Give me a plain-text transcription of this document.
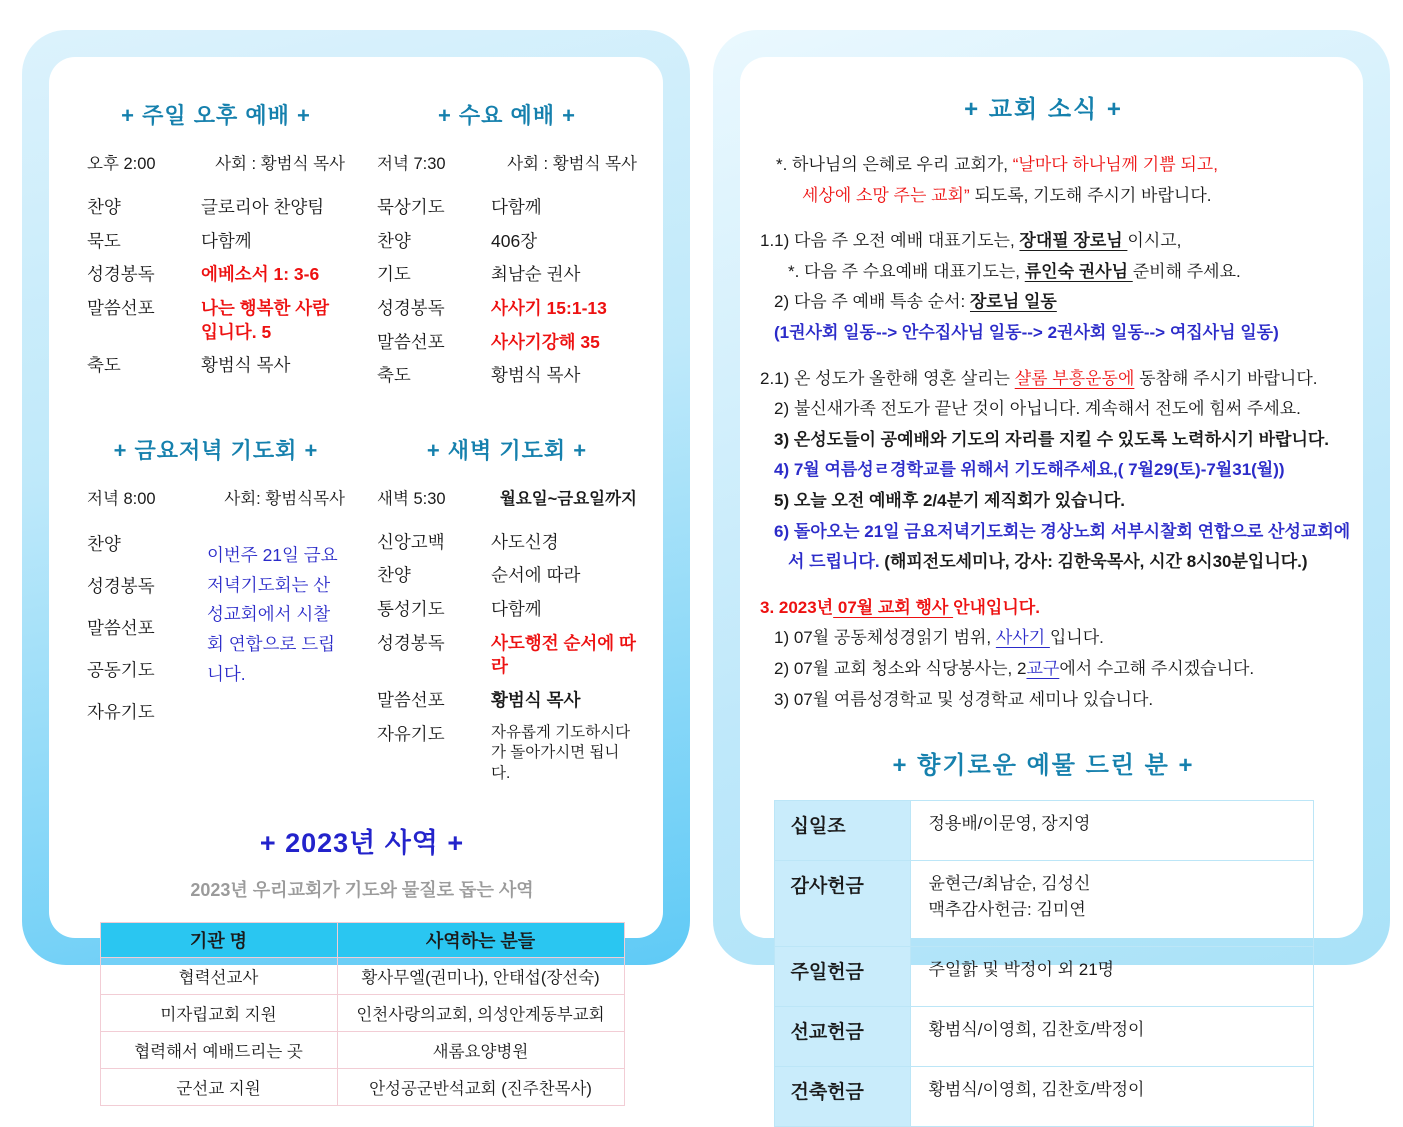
+ 주일 오후 예배 +
오후 2:00	사회 : 황범식 목사
찬양	글로리아 찬양팀
묵도	다함께
성경봉독	에베소서 1: 3-6
말씀선포	나는 행복한 사람입니다. 5
축도	황범식 목사
+ 수요 예배 +
저녁 7:30	사회 : 황범식 목사
묵상기도	다함께
찬양	406장
기도	최남순 권사
성경봉독	사사기 15:1-13
말씀선포	사사기강해 35
축도	황범식 목사
+ 금요저녁 기도회 +
저녁 8:00	사회: 황범식목사
찬양
성경봉독
말씀선포
공동기도
자유기도
이번주 21일 금요저녁기도회는 산성교회에서 시찰회 연합으로 드립니다.
+ 새벽 기도회 +
새벽 5:30	월요일~금요일까지
신앙고백	사도신경
찬양	순서에 따라
통성기도	다함께
성경봉독	사도행전 순서에 따라
말씀선포	황범식 목사
자유기도	자유롭게 기도하시다가 돌아가시면 됩니다.
+ 2023년 사역 +
2023년 우리교회가 기도와 물질로 돕는 사역
기관 명	사역하는 분들
협력선교사	황사무엘(권미나), 안태섭(장선숙)
미자립교회 지원	인천사랑의교회, 의성안계동부교회
협력해서 예배드리는 곳	새롬요양병원
군선교 지원	안성공군반석교회 (진주찬목사)
+ 교회 소식 +
*. 하나님의 은혜로 우리 교회가, “날마다 하나님께 기쁨 되고,
세상에 소망 주는 교회” 되도록, 기도해 주시기 바랍니다.
1.1) 다음 주 오전 예배 대표기도는, 장대필 장로님 이시고,
*. 다음 주 수요예배 대표기도는, 류인숙 권사님 준비해 주세요.
2) 다음 주 예배 특송 순서: 장로님 일동
(1권사회 일동--> 안수집사님 일동--> 2권사회 일동--> 여집사님 일동)
2.1) 온 성도가 올한해 영혼 살리는 샬롬 부흥운동에 동참해 주시기 바랍니다.
2) 불신새가족 전도가 끝난 것이 아닙니다. 계속해서 전도에 힘써 주세요.
3) 온성도들이 공예배와 기도의 자리를 지킬 수 있도록 노력하시기 바랍니다.
4) 7월 여름성ㄹ경학교를 위해서 기도해주세요,( 7월29(토)-7월31(월))
5) 오늘 오전 예배후 2/4분기 제직회가 있습니다.
6) 돌아오는 21일 금요저녁기도회는 경상노회 서부시찰회 연합으로 산성교회에
서 드립니다. (해피전도세미나, 강사: 김한욱목사, 시간 8시30분입니다.)
3. 2023년 07월 교회 행사 안내입니다.
1) 07월 공동체성경읽기 범위, 사사기 입니다.
2) 07월 교회 청소와 식당봉사는, 2교구에서 수고해 주시겠습니다.
3) 07월 여름성경학교 및 성경학교 세미나 있습니다.
+ 향기로운 예물 드린 분 +
십일조	정용배/이문영, 장지영

감사헌금	윤현근/최남순, 김성신
맥추감사헌금: 김미연

주일헌금	주일핡 및 박정이 외 21명

선교헌금	황범식/이영희, 김찬호/박정이

건축헌금	황범식/이영희, 김찬호/박정이
